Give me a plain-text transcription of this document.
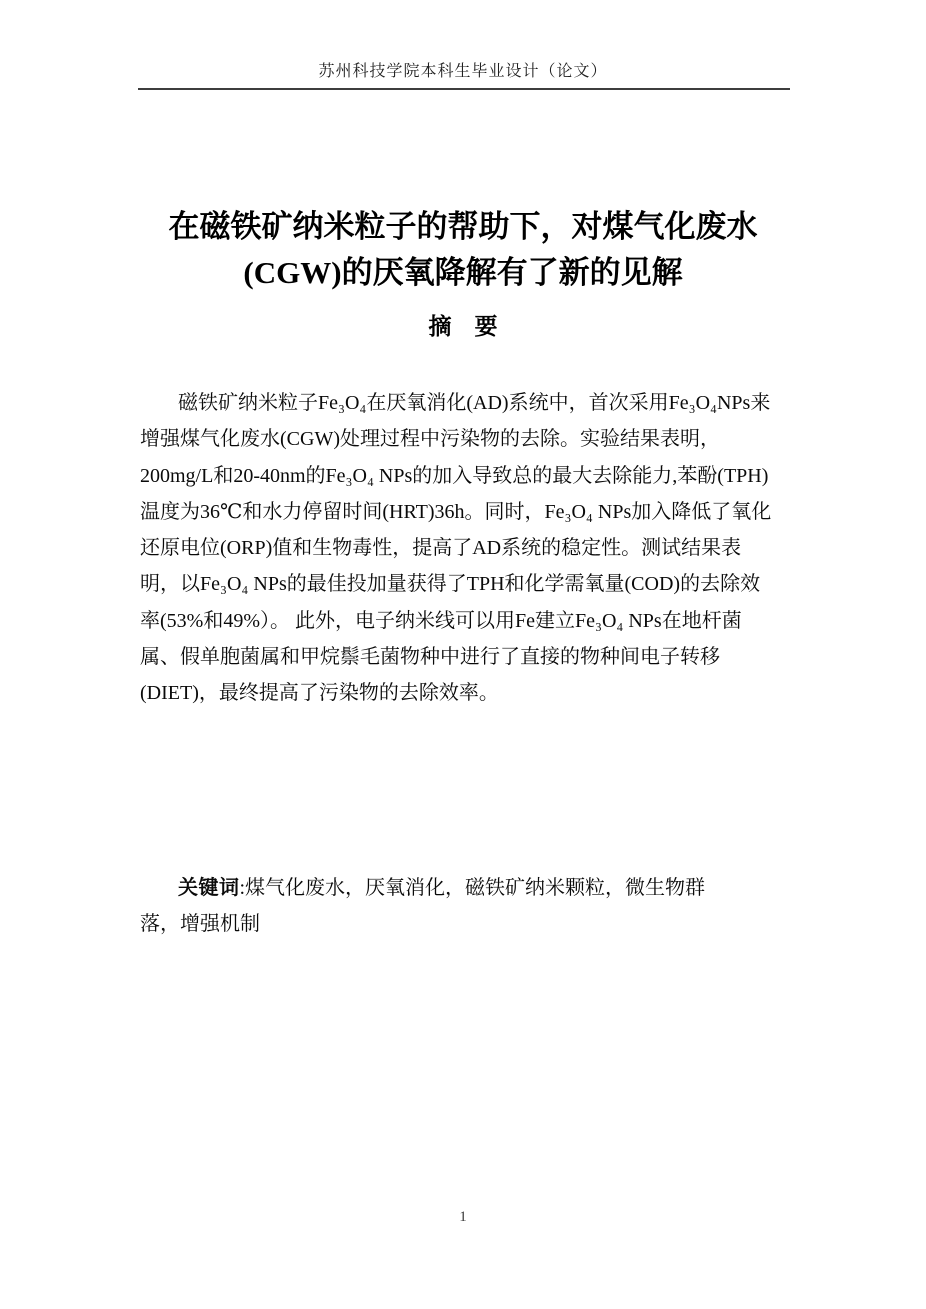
苏州科技学院本科生毕业设计（论文）
在磁铁矿纳米粒子的帮助下，对煤气化废水
(CGW)的厌氧降解有了新的见解
摘　要
磁铁矿纳米粒子Fe₃O₄在厌氧消化(AD)系统中，首次采用Fe₃O₄NPs来
增强煤气化废水(CGW)处理过程中污染物的去除。实验结果表明，
200mg/L和20-40nm的Fe₃O₄ NPs的加入导致总的最大去除能力,苯酚(TPH)
温度为36℃和水力停留时间(HRT)36h。同时，Fe₃O₄ NPs加入降低了氧化
还原电位(ORP)值和生物毒性，提高了AD系统的稳定性。测试结果表
明，以Fe₃O₄ NPs的最佳投加量获得了TPH和化学需氧量(COD)的去除效
率(53%和49%）。 此外，电子纳米线可以用Fe建立Fe₃O₄ NPs在地杆菌
属、假单胞菌属和甲烷鬃毛菌物种中进行了直接的物种间电子转移
(DIET)，最终提高了污染物的去除效率。
关键词:煤气化废水，厌氧消化，磁铁矿纳米颗粒，微生物群
落，增强机制
1
